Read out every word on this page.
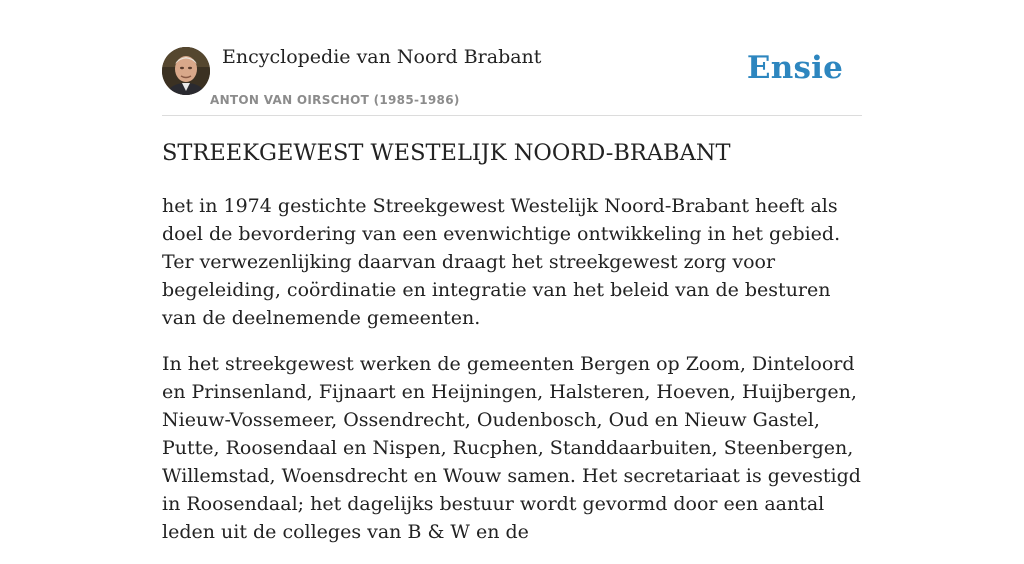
Encyclopedie van Noord Brabant
ANTON VAN OIRSCHOT (1985-1986)
Ensie
STREEKGEWEST WESTELIJK NOORD-BRABANT

het in 1974 gestichte Streekgewest Westelijk Noord-Brabant heeft als doel de bevordering van een evenwichtige ontwikkeling in het gebied. Ter verwezenlijking daarvan draagt het streekgewest zorg voor begeleiding, coördinatie en integratie van het beleid van de besturen van de deelnemende gemeenten.

In het streekgewest werken de gemeenten Bergen op Zoom, Dinteloord en Prinsenland, Fijnaart en Heijningen, Halsteren, Hoeven, Huijbergen, Nieuw-Vossemeer, Ossendrecht, Oudenbosch, Oud en Nieuw Gastel, Putte, Roosendaal en Nispen, Rucphen, Standdaarbuiten, Steenbergen, Willemstad, Woensdrecht en Wouw samen. Het secretariaat is gevestigd in Roosendaal; het dagelijks bestuur wordt gevormd door een aantal leden uit de colleges van B & W en de
